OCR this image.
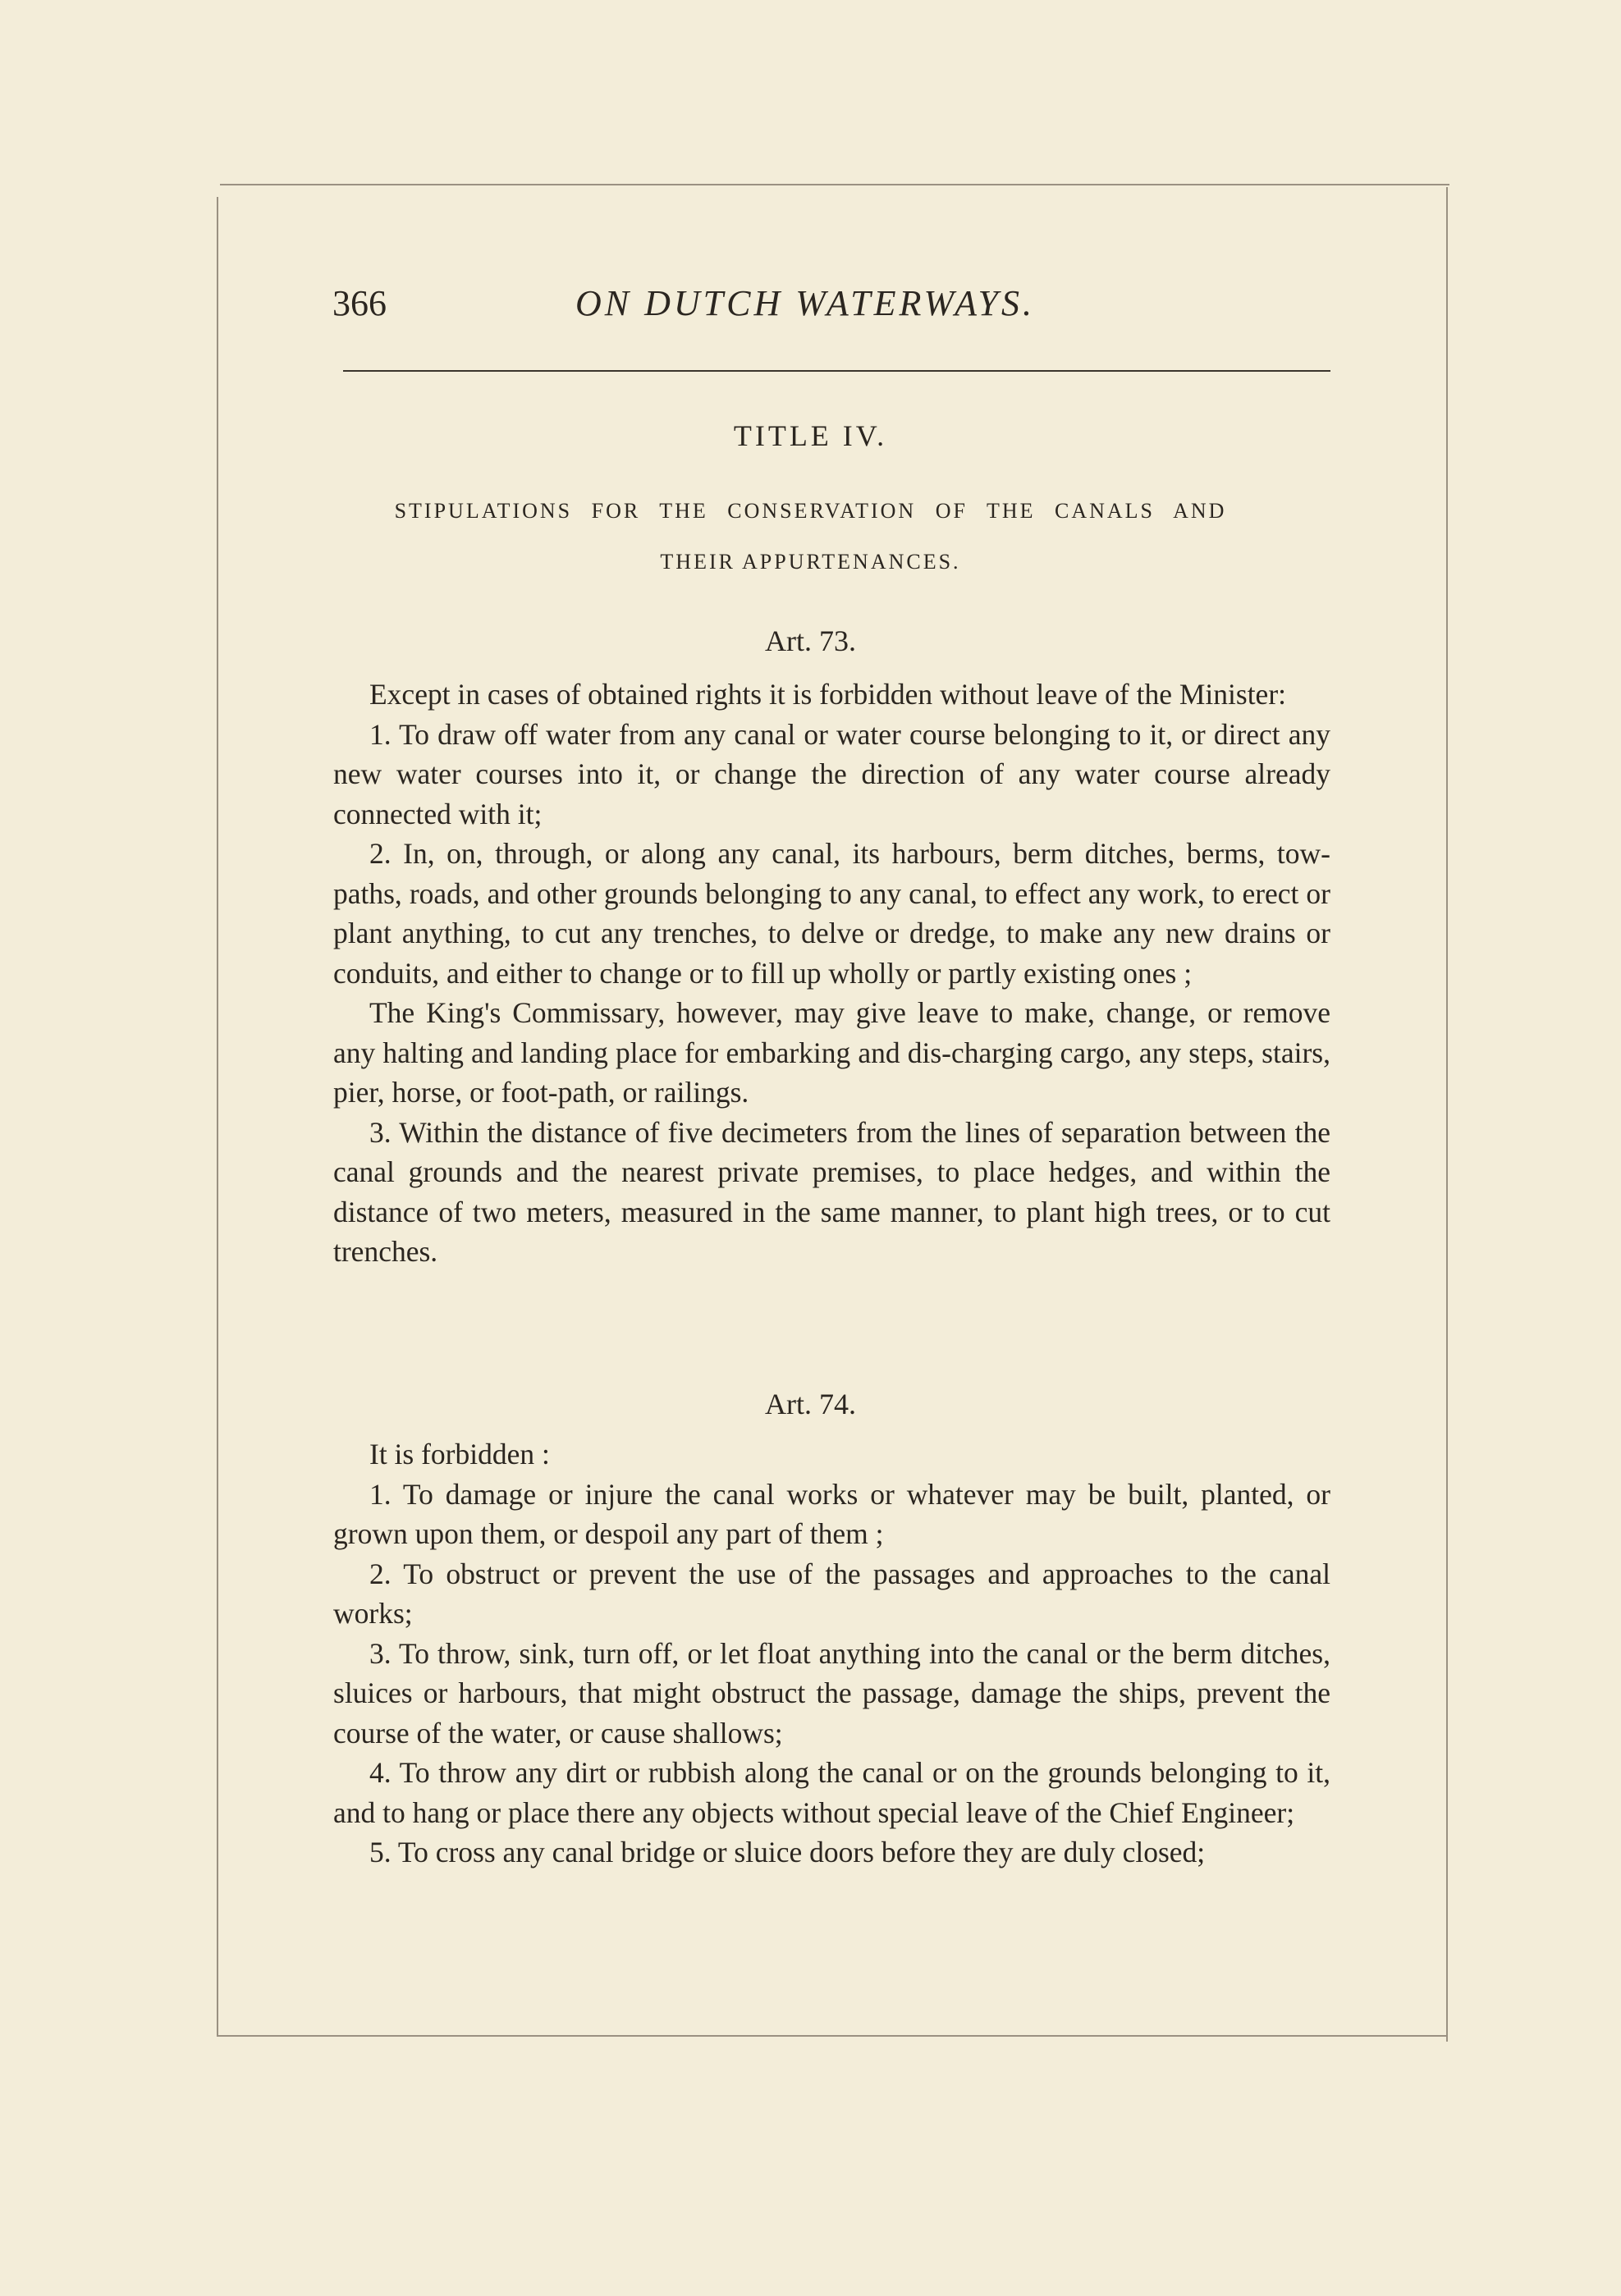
366	ON DUTCH WATERWAYS.
TITLE IV.
STIPULATIONS FOR THE CONSERVATION OF THE CANALS AND
THEIR APPURTENANCES.
Art. 73.

Except in cases of obtained rights it is forbidden without leave of the Minister:

1. To draw off water from any canal or water course belonging to it, or direct any new water courses into it, or change the direction of any water course already connected with it;

2. In, on, through, or along any canal, its harbours, berm ditches, berms, tow-paths, roads, and other grounds belonging to any canal, to effect any work, to erect or plant anything, to cut any trenches, to delve or dredge, to make any new drains or conduits, and either to change or to fill up wholly or partly existing ones ;

The King's Commissary, however, may give leave to make, change, or remove any halting and landing place for embarking and dis-charging cargo, any steps, stairs, pier, horse, or foot-path, or railings.

3. Within the distance of five decimeters from the lines of separation between the canal grounds and the nearest private premises, to place hedges, and within the distance of two meters, measured in the same manner, to plant high trees, or to cut trenches.

Art. 74.

It is forbidden :

1. To damage or injure the canal works or whatever may be built, planted, or grown upon them, or despoil any part of them ;

2. To obstruct or prevent the use of the passages and approaches to the canal works;

3. To throw, sink, turn off, or let float anything into the canal or the berm ditches, sluices or harbours, that might obstruct the passage, damage the ships, prevent the course of the water, or cause shallows;

4. To throw any dirt or rubbish along the canal or on the grounds belonging to it, and to hang or place there any objects without special leave of the Chief Engineer;

5. To cross any canal bridge or sluice doors before they are duly closed;
